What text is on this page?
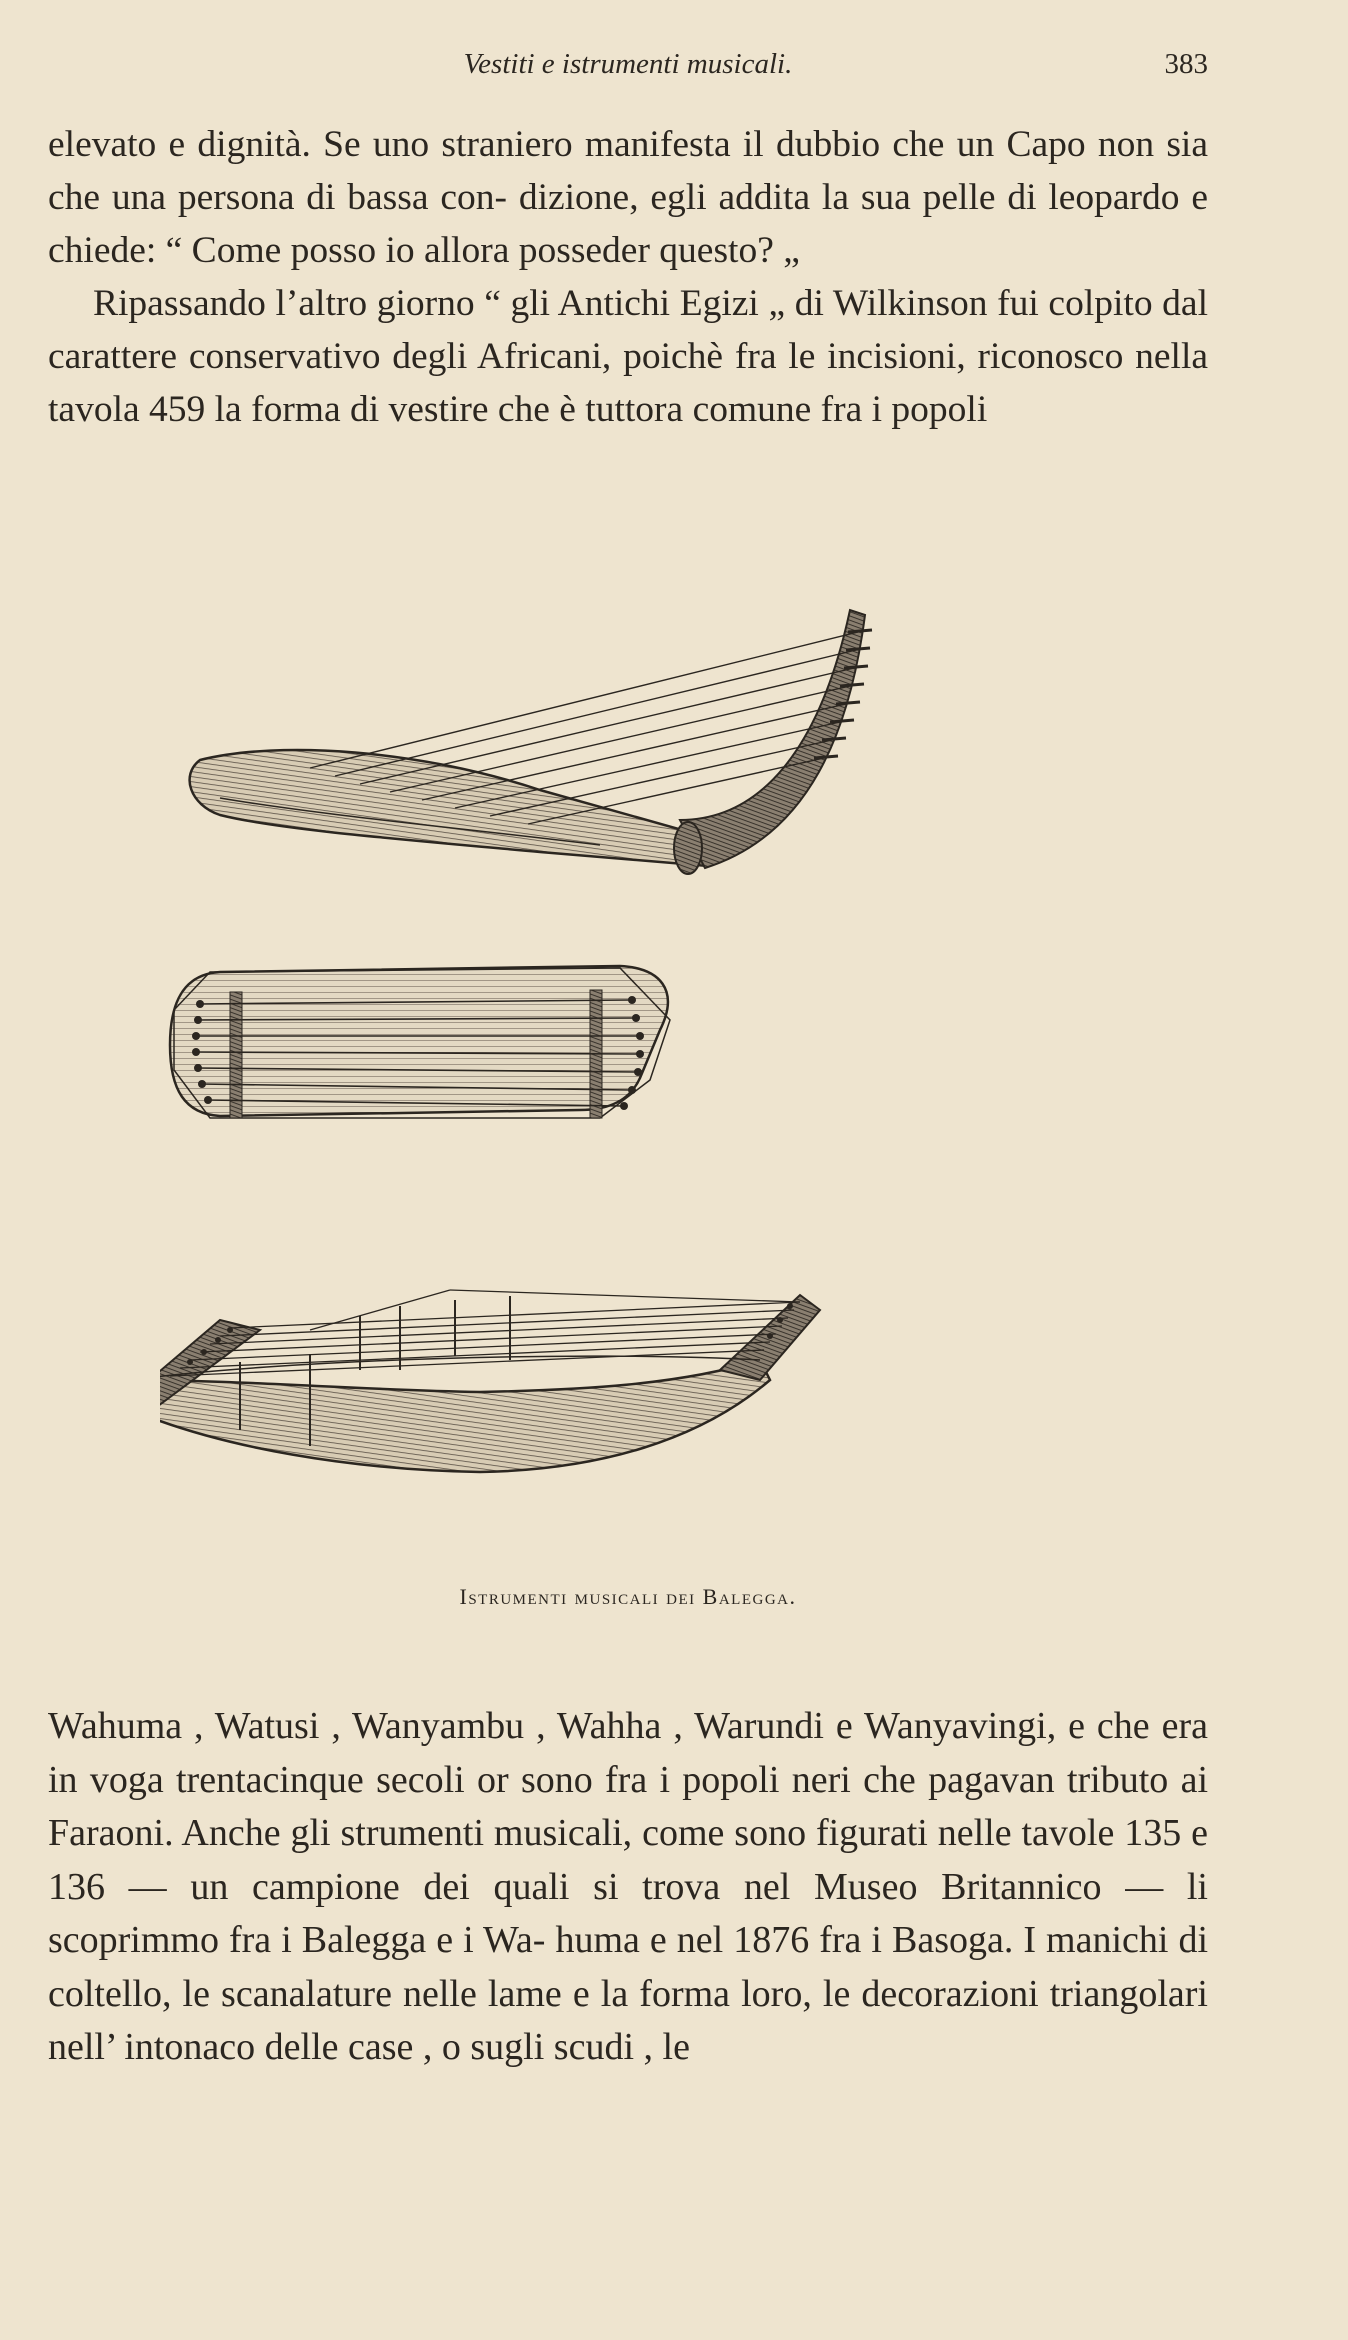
Vestiti e istrumenti musicali.	383

elevato e dignità. Se uno straniero manifesta il dubbio che un Capo non sia che una persona di bassa con- dizione, egli addita la sua pelle di leopardo e chiede: “ Come posso io allora posseder questo? „

Ripassando l’altro giorno “ gli Antichi Egizi „ di Wilkinson fui colpito dal carattere conservativo degli Africani, poichè fra le incisioni, riconosco nella tavola 459 la forma di vestire che è tuttora comune fra i popoli

Istrumenti musicali dei Balegga.

Wahuma , Watusi , Wanyambu , Wahha , Warundi e Wanyavingi, e che era in voga trentacinque secoli or sono fra i popoli neri che pagavan tributo ai Faraoni. Anche gli strumenti musicali, come sono figurati nelle tavole 135 e 136 — un campione dei quali si trova nel Museo Britannico — li scoprimmo fra i Balegga e i Wa- huma e nel 1876 fra i Basoga. I manichi di coltello, le scanalature nelle lame e la forma loro, le decorazioni triangolari nell’ intonaco delle case , o sugli scudi , le
